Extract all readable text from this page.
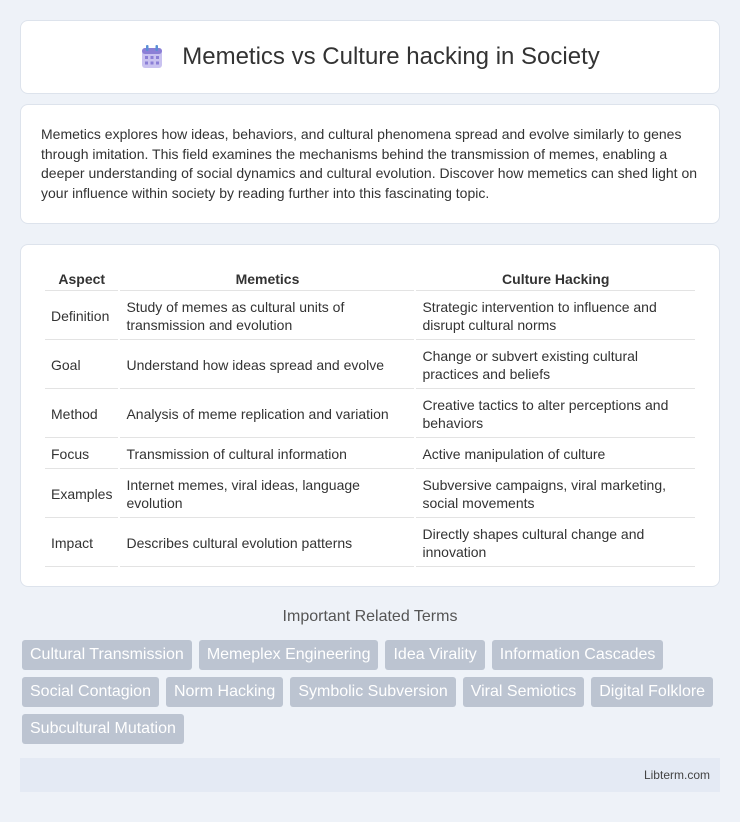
Memetics vs Culture hacking in Society

Memetics explores how ideas, behaviors, and cultural phenomena spread and evolve similarly to genes through imitation. This field examines the mechanisms behind the transmission of memes, enabling a deeper understanding of social dynamics and cultural evolution. Discover how memetics can shed light on your influence within society by reading further into this fascinating topic.

Aspect	Memetics	Culture Hacking
Definition	Study of memes as cultural units of transmission and evolution	Strategic intervention to influence and disrupt cultural norms
Goal	Understand how ideas spread and evolve	Change or subvert existing cultural practices and beliefs
Method	Analysis of meme replication and variation	Creative tactics to alter perceptions and behaviors
Focus	Transmission of cultural information	Active manipulation of culture
Examples	Internet memes, viral ideas, language evolution	Subversive campaigns, viral marketing, social movements
Impact	Describes cultural evolution patterns	Directly shapes cultural change and innovation
Important Related Terms
Cultural Transmission	Memeplex Engineering	Idea Virality	Information Cascades
Social Contagion	Norm Hacking	Symbolic Subversion	Viral Semiotics	Digital Folklore
Subcultural Mutation
Libterm.com
